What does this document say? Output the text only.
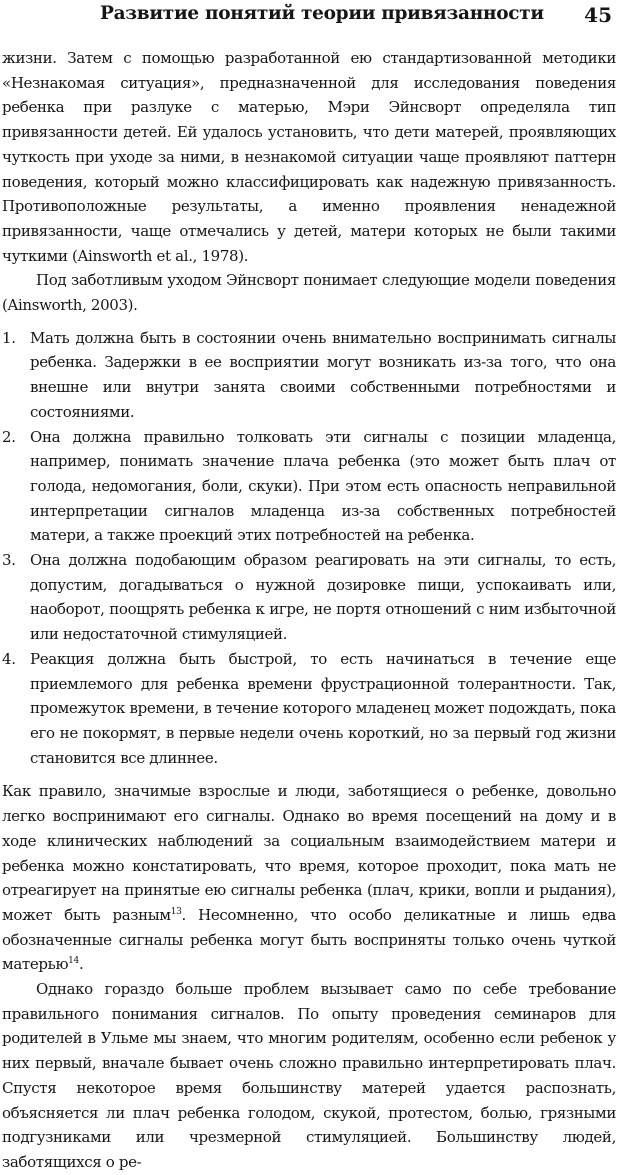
Развитие понятий теории привязанности 45

жизни. Затем с помощью разработанной ею стандартизованной методики «Незнакомая ситуация», предназначенной для исследования поведения ребенка при разлуке с матерью, Мэри Эйнсворт определяла тип привязанности детей. Ей удалось установить, что дети матерей, проявляющих чуткость при уходе за ними, в незнакомой ситуации чаще проявляют паттерн поведения, который можно классифицировать как надежную привязанность. Противоположные результаты, а именно проявления ненадежной привязанности, чаще отмечались у детей, матери которых не были такими чуткими (Ainsworth et al., 1978).

Под заботливым уходом Эйнсворт понимает следующие модели поведения (Ainsworth, 2003).

1. Мать должна быть в состоянии очень внимательно воспринимать сигналы ребенка. Задержки в ее восприятии могут возникать из-за того, что она внешне или внутри занята своими собственными потребностями и состояниями.
2. Она должна правильно толковать эти сигналы с позиции младенца, например, понимать значение плача ребенка (это может быть плач от голода, недомогания, боли, скуки). При этом есть опасность неправильной интерпретации сигналов младенца из-за собственных потребностей матери, а также проекций этих потребностей на ребенка.
3. Она должна подобающим образом реагировать на эти сигналы, то есть, допустим, догадываться о нужной дозировке пищи, успокаивать или, наоборот, поощрять ребенка к игре, не портя отношений с ним избыточной или недостаточной стимуляцией.
4. Реакция должна быть быстрой, то есть начинаться в течение еще приемлемого для ребенка времени фрустрационной толерантности. Так, промежуток времени, в течение которого младенец может подождать, пока его не покормят, в первые недели очень короткий, но за первый год жизни становится все длиннее.

Как правило, значимые взрослые и люди, заботящиеся о ребенке, довольно легко воспринимают его сигналы. Однако во время посещений на дому и в ходе клинических наблюдений за социальным взаимодействием матери и ребенка можно констатировать, что время, которое проходит, пока мать не отреагирует на принятые ею сигналы ребенка (плач, крики, вопли и рыдания), может быть разным$^{13}$. Несомненно, что особо деликатные и лишь едва обозначенные сигналы ребенка могут быть восприняты только очень чуткой матерью$^{14}$.

Однако гораздо больше проблем вызывает само по себе требование правильного понимания сигналов. По опыту проведения семинаров для родителей в Ульме мы знаем, что многим родителям, особенно если ребенок у них первый, вначале бывает очень сложно правильно интерпретировать плач. Спустя некоторое время большинству матерей удается распознать, объясняется ли плач ребенка голодом, скукой, протестом, болью, грязными подгузниками или чрезмерной стимуляцией. Большинству людей, заботящихся о ре-
